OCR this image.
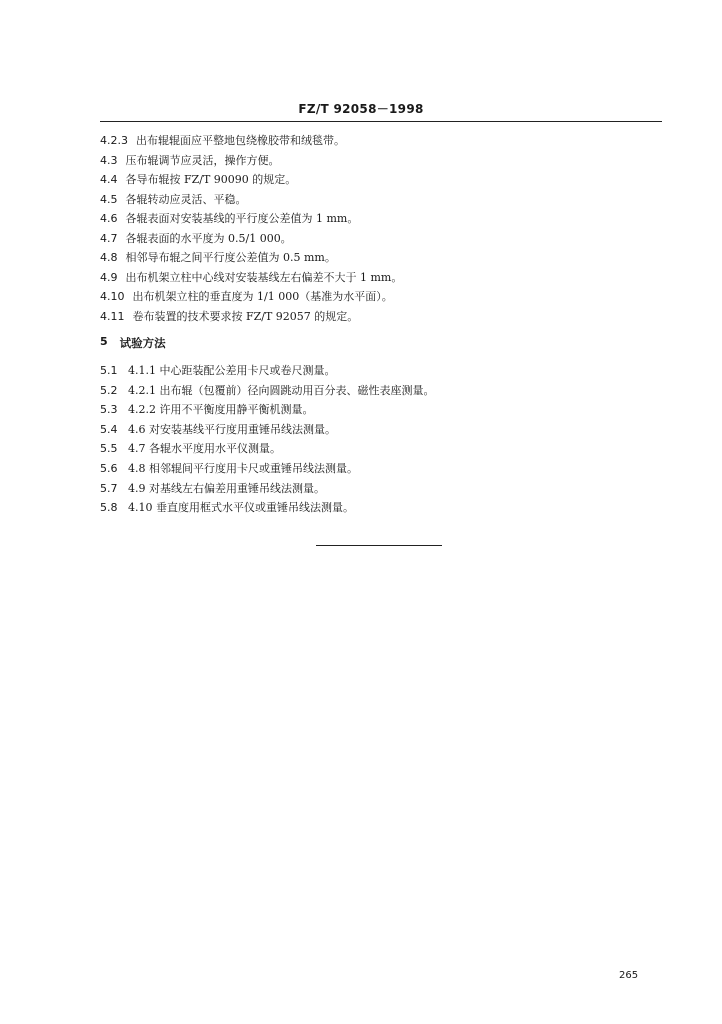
FZ/T 92058－1998
4.2.3 出布辊辊面应平整地包绕橡胶带和绒毯带。
4.3 压布辊调节应灵活，操作方便。
4.4 各导布辊按 FZ/T 90090 的规定。
4.5 各辊转动应灵活、平稳。
4.6 各辊表面对安装基线的平行度公差值为 1 mm。
4.7 各辊表面的水平度为 0.5/1 000。
4.8 相邻导布辊之间平行度公差值为 0.5 mm。
4.9 出布机架立柱中心线对安装基线左右偏差不大于 1 mm。
4.10 出布机架立柱的垂直度为 1/1 000（基准为水平面）。
4.11 卷布装置的技术要求按 FZ/T 92057 的规定。
5	试验方法
5.1 4.1.1 中心距装配公差用卡尺或卷尺测量。
5.2 4.2.1 出布辊（包覆前）径向圆跳动用百分表、磁性表座测量。
5.3 4.2.2 许用不平衡度用静平衡机测量。
5.4 4.6 对安装基线平行度用重锤吊线法测量。
5.5 4.7 各辊水平度用水平仪测量。
5.6 4.8 相邻辊间平行度用卡尺或重锤吊线法测量。
5.7 4.9 对基线左右偏差用重锤吊线法测量。
5.8 4.10 垂直度用框式水平仪或重锤吊线法测量。
265
